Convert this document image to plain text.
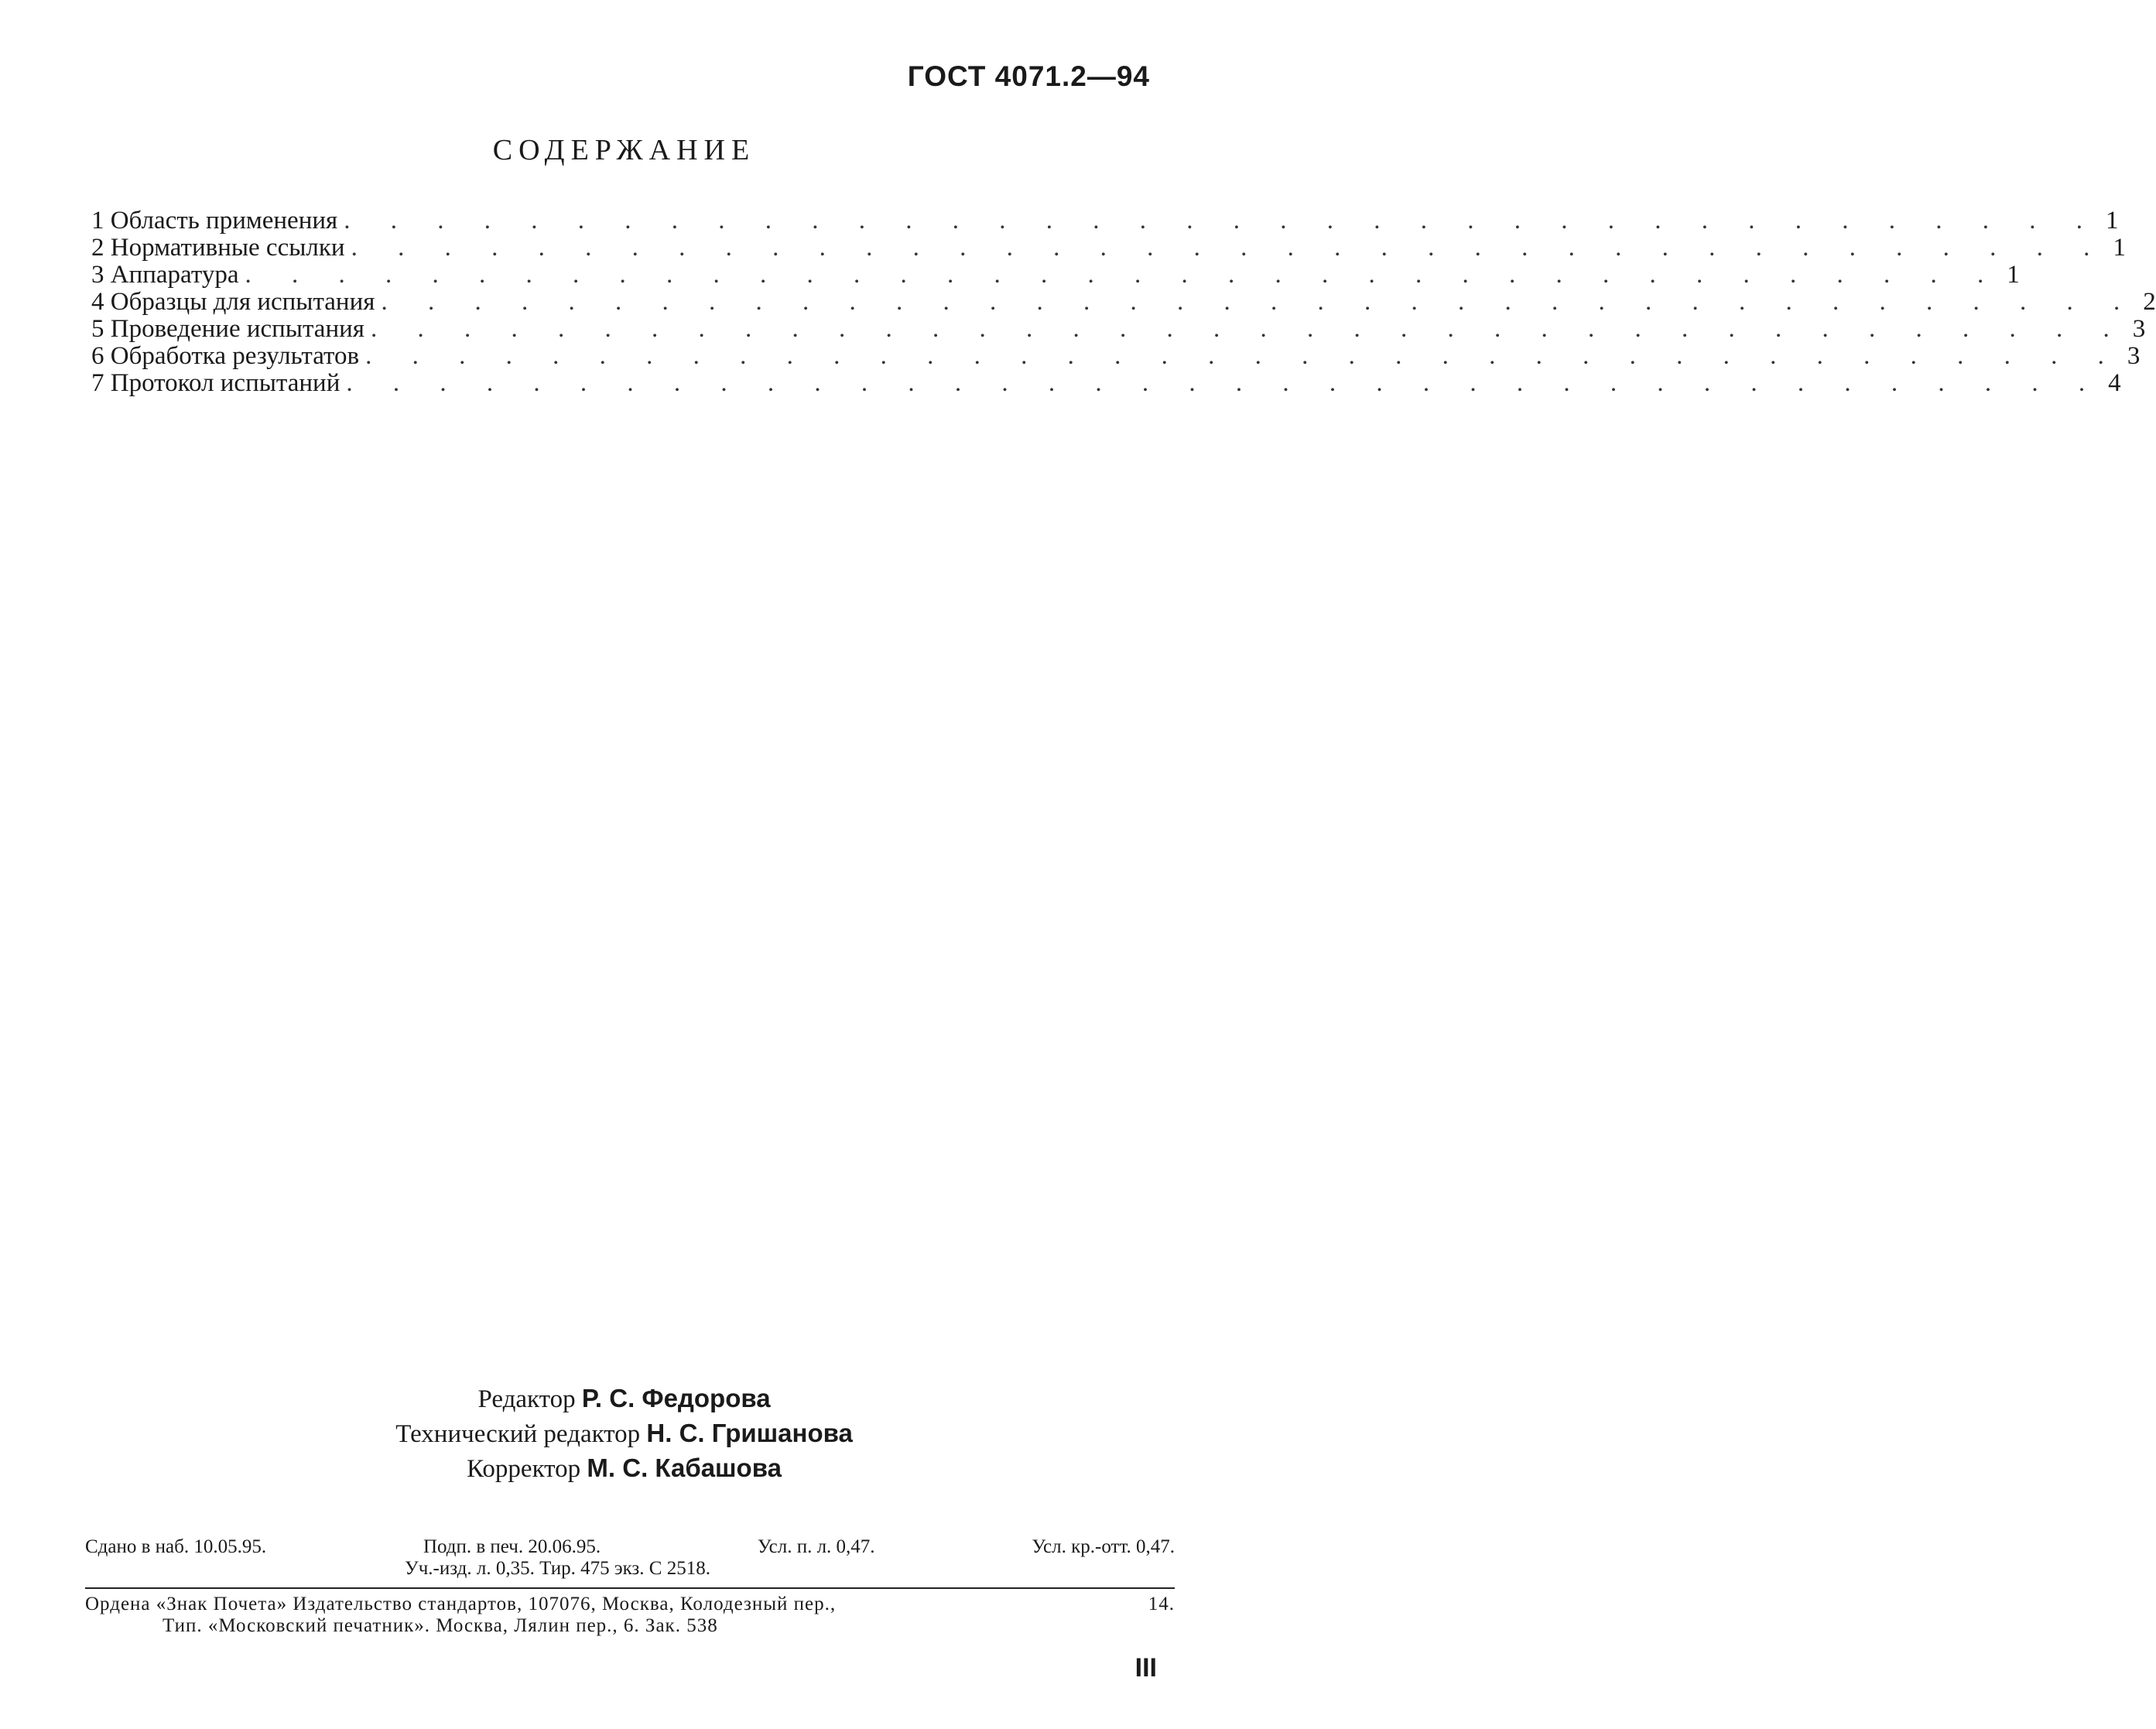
ГОСТ 4071.2—94
СОДЕРЖАНИЕ
1 Область применения . . . . . . . . . . . . . . . . . . . . . . . . . . . . . . . . . . . . . . 1
2 Нормативные ссылки . . . . . . . . . . . . . . . . . . . . . . . . . . . . . . . . . . . . . . 1
3 Аппаратура . . . . . . . . . . . . . . . . . . . . . . . . . . . . . . . . . . . . . . 1
4 Образцы для испытания . . . . . . . . . . . . . . . . . . . . . . . . . . . . . . . . . . . . . . 2
5 Проведение испытания . . . . . . . . . . . . . . . . . . . . . . . . . . . . . . . . . . . . . . 3
6 Обработка результатов . . . . . . . . . . . . . . . . . . . . . . . . . . . . . . . . . . . . . . 3
7 Протокол испытаний . . . . . . . . . . . . . . . . . . . . . . . . . . . . . . . . . . . . . . 4
Редактор Р. С. Федорова
Технический редактор Н. С. Гришанова
Корректор М. С. Кабашова
Сдано в наб. 10.05.95.	Подп. в печ. 20.06.95.	Усл. п. л. 0,47.	Усл. кр.-отт. 0,47.
Уч.-изд. л. 0,35. Тир. 475 экз. С 2518.
Ордена «Знак Почета» Издательство стандартов, 107076, Москва, Колодезный пер.,	14.
Тип. «Московский печатник». Москва, Лялин пер., 6. Зак. 538
III
